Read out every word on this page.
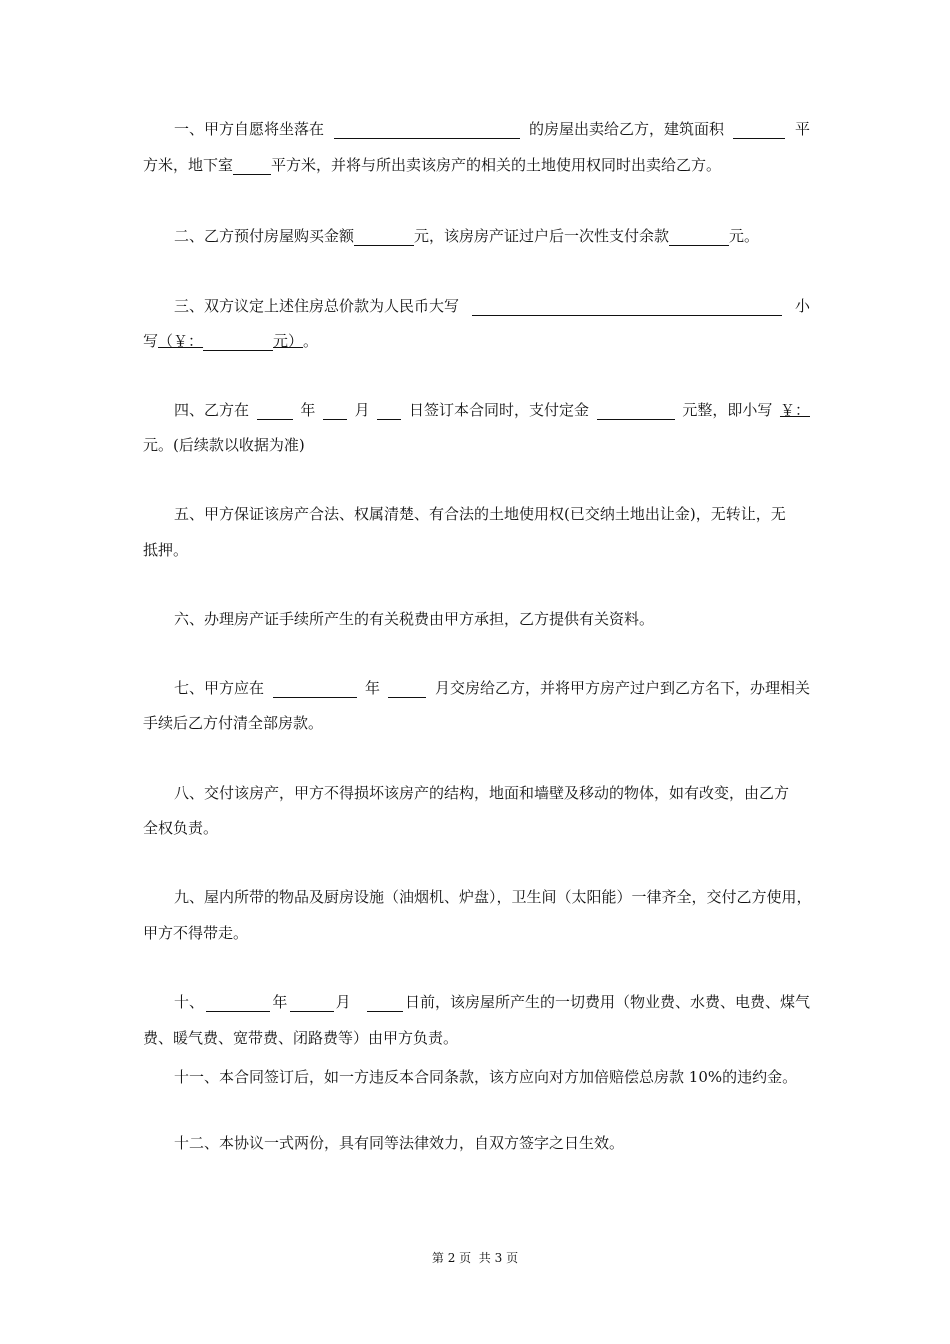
一、甲方自愿将坐落在	的房屋出卖给乙方，建筑面积	平
方米，地下室	平方米，并将与所出卖该房产的相关的土地使用权同时出卖给乙方。
二、乙方预付房屋购买金额	元，该房房产证过户后一次性支付余款	元。
三、双方议定上述住房总价款为人民币大写	小
写 （￥：	元） 。
四、乙方在	年	月	日签订本合同时，支付定金	元整，即小写 ￥：
元。(后续款以收据为准)
五、甲方保证该房产合法、权属清楚、有合法的土地使用权(已交纳土地出让金)，无转让，无
抵押。
六、办理房产证手续所产生的有关税费由甲方承担，乙方提供有关资料。
七、甲方应在	年	月交房给乙方，并将甲方房产过户到乙方名下，办理相关
手续后乙方付清全部房款。
八、交付该房产，甲方不得损坏该房产的结构，地面和墙壁及移动的物体，如有改变，由乙方
全权负责。
九、屋内所带的物品及厨房设施（油烟机、炉盘），卫生间（太阳能）一律齐全，交付乙方使用，
甲方不得带走。
十、	年	月	日前，该房屋所产生的一切费用（物业费、水费、电费、煤气
费、暖气费、宽带费、闭路费等）由甲方负责。
十一、本合同签订后，如一方违反本合同条款，该方应向对方加倍赔偿总房款 10%的违约金。
十二、本协议一式两份，具有同等法律效力，自双方签字之日生效。
第 2 页  共 3 页
